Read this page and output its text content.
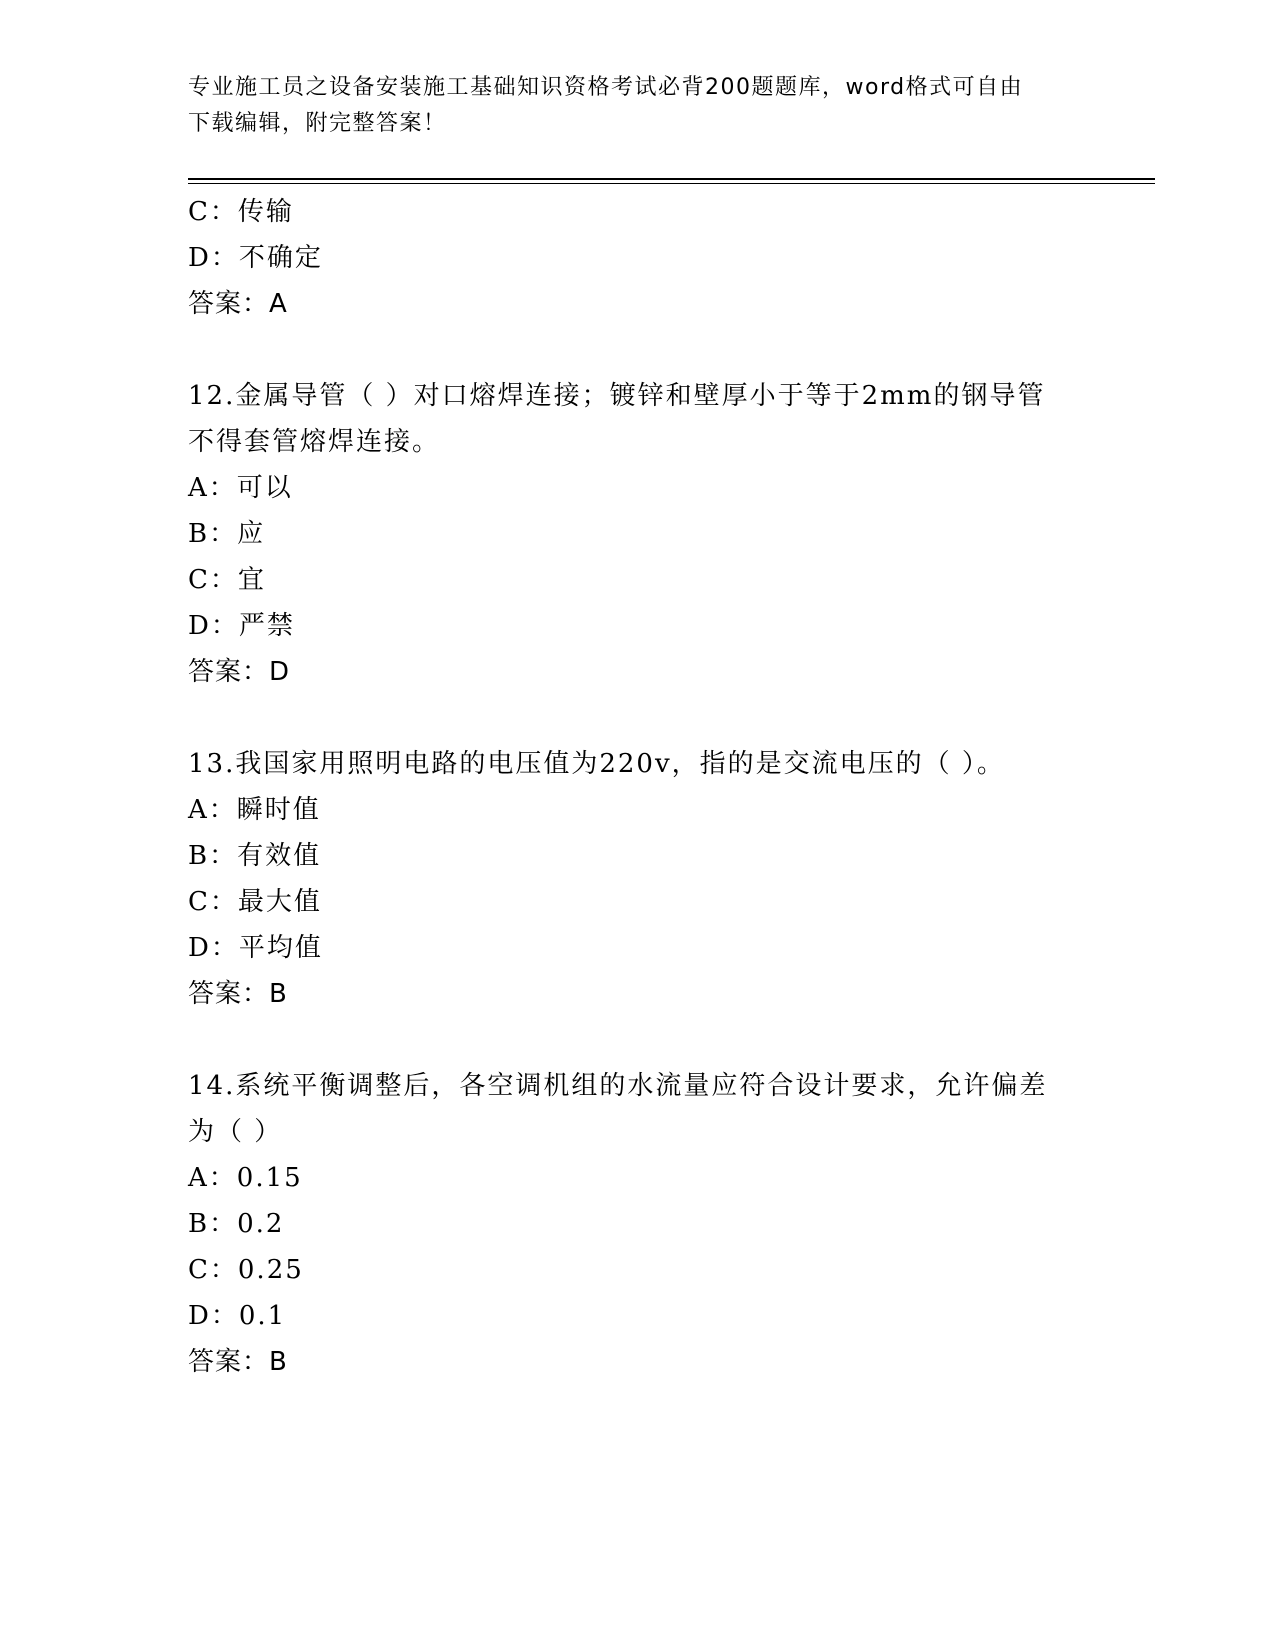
专业施工员之设备安装施工基础知识资格考试必背200题题库，word格式可自由
下载编辑，附完整答案！
C：传输
D：不确定
答案：A
12.金属导管（ ）对口熔焊连接；镀锌和壁厚小于等于2mm的钢导管
不得套管熔焊连接。
A：可以
B：应
C：宜
D：严禁
答案：D
13.我国家用照明电路的电压值为220v，指的是交流电压的（ ）。
A：瞬时值
B：有效值
C：最大值
D：平均值
答案：B
14.系统平衡调整后，各空调机组的水流量应符合设计要求，允许偏差
为（ ）
A：0.15
B：0.2
C：0.25
D：0.1
答案：B
